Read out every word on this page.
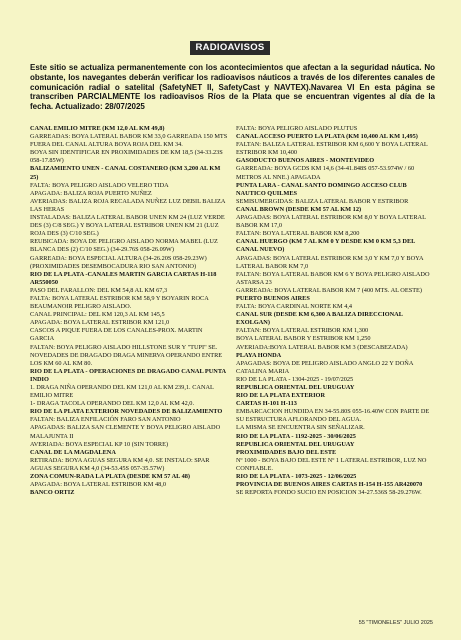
RADIOAVISOS
Este sitio se actualiza permanentemente con los acontecimientos que afectan a la seguridad náutica. No obstante, los navegantes deberán verificar los radioavisos náuticos a través de los diferentes canales de comunicación radial o satelital (SafetyNET II, SafetyCast y NAVTEX).Navarea VI En esta página se transcriben PARCIALMENTE los radioavisos Ríos de la Plata que se encuentran vigentes al día de la fecha. Actualizado: 28/07/2025

CANAL EMILIO MITRE (KM 12,0 AL KM 49,8)

GARREADAS: BOYA LATERAL BABOR KM 33,0 GARREADA 150 MTS FUERA DEL CANAL ALTURA BOYA ROJA DEL KM 34.

BOYA SIN IDENTIFICAR EN PROXIMIDADES DE KM 18,5 (34-33.23S 058-17.85W)

BALIZAMIENTO UNEN - CANAL COSTANERO (KM 3,200 AL KM 25)

FALTA: BOYA PELIGRO AISLADO VELERO TIDA

APAGADA: BALIZA ROJA PUERTO NUÑEZ

AVERIADAS: BALIZA ROJA RECALADA NUÑEZ LUZ DEBIL BALIZA LAS HERAS

INSTALADAS: BALIZA LATERAL BABOR UNEN KM 24 (LUZ VERDE DES (3) C/8 SEG.) Y BOYA LATERAL ESTRIBOR UNEN KM 21 (LUZ ROJA DES (3) C/10 SEG.)

REUBICADA: BOYA DE PELIGRO AISLADO NORMA MABEL (LUZ BLANCA DES (2) C/10 SEG.) (34-29.76S 058-26.09W)

GARREADA: BOYA ESPECIAL ALTURA (34-26.20S 058-29.23W) (PROXIMIDADES DESEMBOCADURA RIO SAN ANTONIO)

RIO DE LA PLATA -CANALES MARTIN GARCIA CARTAS H-118 AR550050

PASO DEL FARALLON: DEL KM 54,8 AL KM 67,3

FALTA: BOYA LATERAL ESTRIBOR KM 58,9 Y BOYARIN ROCA BEAUMANOIR PELIGRO AISLADO.

CANAL PRINCIPAL: DEL KM 120,3 AL KM 145,5

APAGADA: BOYA LATERAL ESTRIBOR KM 121,0

CASCOS A PIQUE FUERA DE LOS CANALES-PROX. MARTIN GARCIA

FALTAN: BOYA PELIGRO AISLADO HILLSTONE SUR Y "TUPI" SE.

NOVEDADES DE DRAGADO DRAGA MINERVA OPERANDO ENTRE LOS KM 60 AL KM 80.

RIO DE LA PLATA - OPERACIONES DE DRAGADO CANAL PUNTA INDIO

1. DRAGA NIÑA OPERANDO DEL KM 121,0 AL KM 239,1. CANAL EMILIO MITRE

1- DRAGA TACOLA OPERANDO DEL KM 12,0 AL KM 42,0.

RIO DE LA PLATA EXTERIOR NOVEDADES DE BALIZAMIENTO

FALTAN: BALIZA ENFILACIÓN FARO SAN ANTONIO

APAGADAS: BALIZA SAN CLEMENTE Y BOYA PELIGRO AISLADO MALAJUNTA II

AVERIADA: BOYA ESPECIAL KP 10 (SIN TORRE)

CANAL DE LA MAGDALENA

RETIRADA: BOYA AGUAS SEGURA KM 4,0. SE INSTALO: SPAR AGUAS SEGURA KM 4,0 (34-53.45S 057-35.57W)

ZONA COMUN-RADA LA PLATA (DESDE KM 57 AL 48)

APAGADA: BOYA LATERAL ESTRIBOR KM 48,0

BANCO ORTIZ

FALTA: BOYA PELIGRO AISLADO PLUTUS

CANAL ACCESO PUERTO LA PLATA (KM 10,400 AL KM 1,495)

FALTAN: BALIZA LATERAL ESTRIBOR KM 6,600 Y BOYA LATERAL ESTRIBOR KM 10,400

GASODUCTO BUENOS AIRES - MONTEVIDEO

GARREADA: BOYA GCDS KM 14,6 (34-41.848S 057-53.974W / 60 METROS AL NNE.) APAGADA

PUNTA LARA - CANAL SANTO DOMINGO ACCESO CLUB NAUTICO QUILMES

SEMISUMERGIDAS: BALIZA LATERAL BABOR Y ESTRIBOR

CANAL BROWN (DESDE KM 57 AL KM 12)

APAGADAS: BOYA LATERAL ESTRIBOR KM 8,0 Y BOYA LATERAL BABOR KM 17,0

FALTAN: BOYA LATERAL BABOR KM 8,200

CANAL HUERGO (KM 7 AL KM 0 Y DESDE KM 0 KM 5,3 DEL CANAL NUEVO)

APAGADAS: BOYA LATERAL ESTRIBOR KM 3,0 Y KM 7,0 Y BOYA LATERAL BABOR KM 7,0

FALTAN: BOYA LATERAL BABOR KM 6 Y BOYA PELIGRO AISLADO ASTARSA 23

GARREADA: BOYA LATERAL BABOR KM 7 (400 MTS. AL OESTE)

PUERTO BUENOS AIRES

FALTA: BOYA CARDINAL NORTE KM 4,4

CANAL SUR (DESDE KM 6,300 A BALIZA DIRECCIONAL EXOLGAN)

FALTAN: BOYA LATERAL ESTRIBOR KM 1,300

BOYA LATERAL BABOR Y ESTRIBOR KM 1,250

AVERIADA:BOYA LATERAL BABOR KM 3 (DESCABEZADA)

PLAYA HONDA

APAGADAS: BOYA DE PELIGRO AISLADO ANGLO 22 Y DOÑA CATALINA MARIA

RIO DE LA PLATA - 1304-2025 - 19/07/2025

REPUBLICA ORIENTAL DEL URUGUAY

RIO DE LA PLATA EXTERIOR

CARTAS H-101 H-113

EMBARCACION HUNDIDA EN 34-55.80S 055-16.40W CON PARTE DE SU ESTRUCTURA AFLORANDO DEL AGUA.

LA MISMA SE ENCUENTRA SIN SEÑALIZAR.

RIO DE LA PLATA - 1192-2025 - 30/06/2025

REPUBLICA ORIENTAL DEL URUGUAY

PROXIMIDADES BAJO DEL ESTE

Nº 1000 - BOYA BAJO DEL ESTE Nº 1 LATERAL ESTRIBOR, LUZ NO CONFIABLE.

RIO DE LA PLATA - 1073-2025 - 12/06/2025

PROVINCIA DE BUENOS AIRES CARTAS H-154 H-155 AR420070

SE REPORTA FONDO SUCIO EN POSICION 34-27.536S 58-29.276W.

55 "TIMONELES" JULIO 2025
